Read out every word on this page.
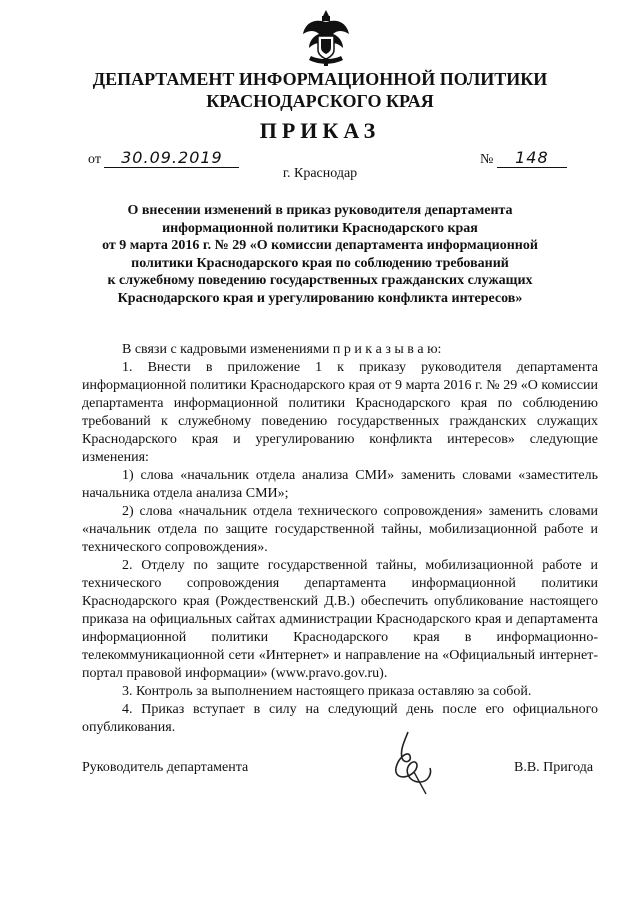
ДЕПАРТАМЕНТ ИНФОРМАЦИОННОЙ ПОЛИТИКИ
КРАСНОДАРСКОГО КРАЯ
ПРИКАЗ
от 30.09.2019	№ 148
г. Краснодар
О внесении изменений в приказ руководителя департамента
информационной политики Краснодарского края
от 9 марта 2016 г. № 29 «О комиссии департамента информационной
политики Краснодарского края по соблюдению требований
к служебному поведению государственных гражданских служащих
Краснодарского края и урегулированию конфликта интересов»

В связи с кадровыми изменениями п р и к а з ы в а ю:

1. Внести в приложение 1 к приказу руководителя департамента информационной политики Краснодарского края от 9 марта 2016 г. № 29 «О комиссии департамента информационной политики Краснодарского края по соблюдению требований к служебному поведению государственных гражданских служащих Краснодарского края и урегулированию конфликта интересов» следующие изменения:

1) слова «начальник отдела анализа СМИ» заменить словами «заместитель начальника отдела анализа СМИ»;

2) слова «начальник отдела технического сопровождения» заменить словами «начальник отдела по защите государственной тайны, мобилизационной работе и технического сопровождения».

2. Отделу по защите государственной тайны, мобилизационной работе и технического сопровождения департамента информационной политики Краснодарского края (Рождественский Д.В.) обеспечить опубликование настоящего приказа на официальных сайтах администрации Краснодарского края и департамента информационной политики Краснодарского края в информационно-телекоммуникационной сети «Интернет» и направление на «Официальный интернет-портал правовой информации» (www.pravo.gov.ru).

3. Контроль за выполнением настоящего приказа оставляю за собой.

4. Приказ вступает в силу на следующий день после его официального опубликования.

Руководитель департамента	В.В. Пригода
